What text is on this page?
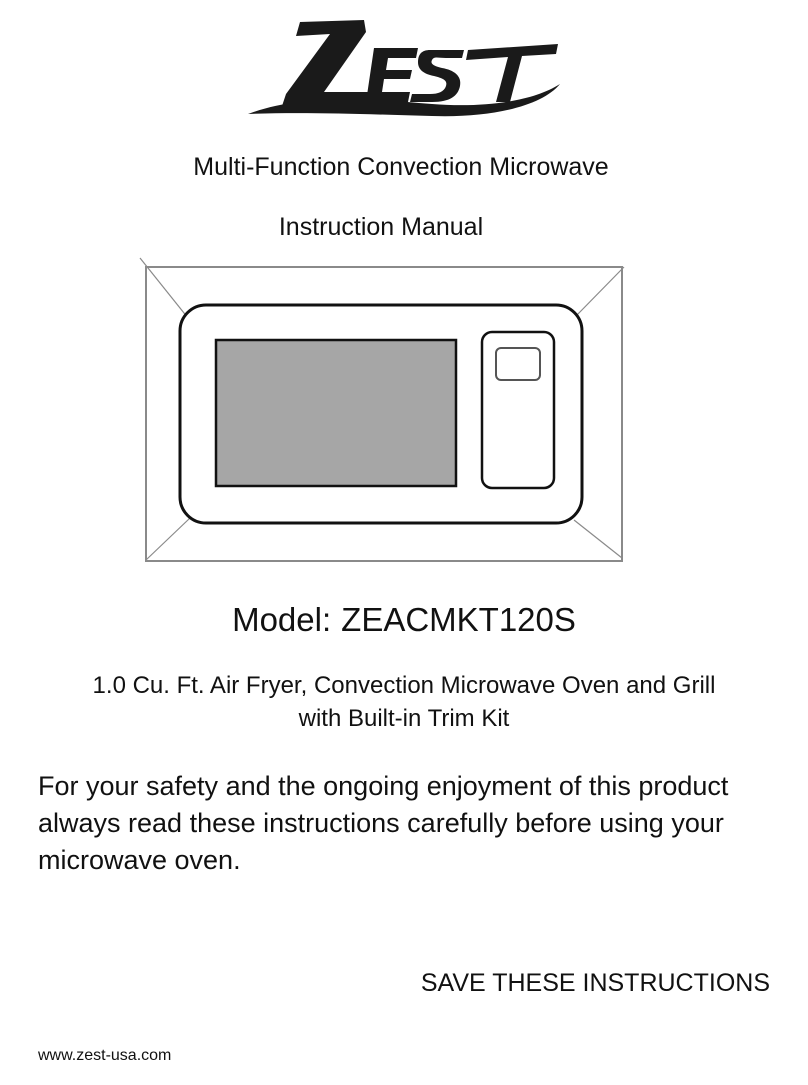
Multi-Function Convection Microwave
Instruction Manual
Model: ZEACMKT120S
1.0 Cu. Ft. Air Fryer, Convection Microwave Oven and Grill
with Built-in Trim Kit
For your safety and the ongoing enjoyment of this product always read these instructions carefully before using your microwave oven.
SAVE THESE INSTRUCTIONS
www.zest-usa.com
